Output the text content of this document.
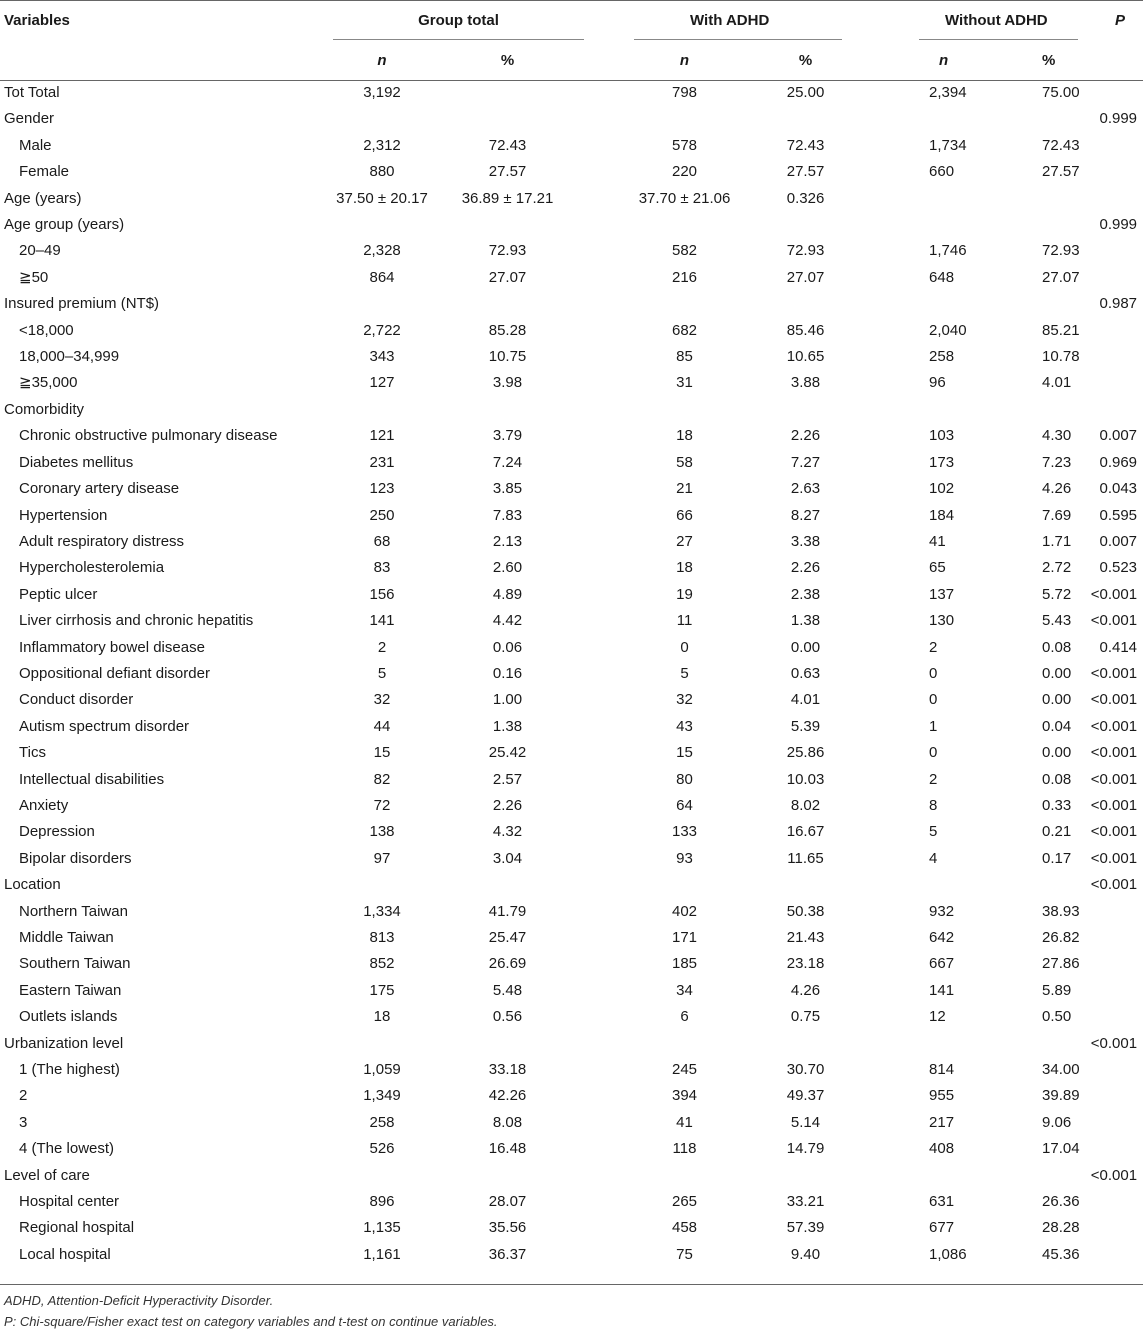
Variables	Group total			With ADHD			Without ADHD		P
	n	%		n	%		n	%	
Tot Total	3,192			798	25.00		2,394	75.00	
Gender									0.999
Male	2,312	72.43		578	72.43		1,734	72.43	
Female	880	27.57		220	27.57		660	27.57	
Age (years)	37.50 ± 20.17	36.89 ± 17.21		37.70 ± 21.06	0.326				
Age group (years)									0.999
20–49	2,328	72.93		582	72.93		1,746	72.93	
≧50	864	27.07		216	27.07		648	27.07	
Insured premium (NT$)									0.987
<18,000	2,722	85.28		682	85.46		2,040	85.21	
18,000–34,999	343	10.75		85	10.65		258	10.78	
≧35,000	127	3.98		31	3.88		96	4.01	
Comorbidity									
Chronic obstructive pulmonary disease	121	3.79		18	2.26		103	4.30	0.007
Diabetes mellitus	231	7.24		58	7.27		173	7.23	0.969
Coronary artery disease	123	3.85		21	2.63		102	4.26	0.043
Hypertension	250	7.83		66	8.27		184	7.69	0.595
Adult respiratory distress	68	2.13		27	3.38		41	1.71	0.007
Hypercholesterolemia	83	2.60		18	2.26		65	2.72	0.523
Peptic ulcer	156	4.89		19	2.38		137	5.72	<0.001
Liver cirrhosis and chronic hepatitis	141	4.42		11	1.38		130	5.43	<0.001
Inflammatory bowel disease	2	0.06		0	0.00		2	0.08	0.414
Oppositional defiant disorder	5	0.16		5	0.63		0	0.00	<0.001
Conduct disorder	32	1.00		32	4.01		0	0.00	<0.001
Autism spectrum disorder	44	1.38		43	5.39		1	0.04	<0.001
Tics	15	25.42		15	25.86		0	0.00	<0.001
Intellectual disabilities	82	2.57		80	10.03		2	0.08	<0.001
Anxiety	72	2.26		64	8.02		8	0.33	<0.001
Depression	138	4.32		133	16.67		5	0.21	<0.001
Bipolar disorders	97	3.04		93	11.65		4	0.17	<0.001
Location									<0.001
Northern Taiwan	1,334	41.79		402	50.38		932	38.93	
Middle Taiwan	813	25.47		171	21.43		642	26.82	
Southern Taiwan	852	26.69		185	23.18		667	27.86	
Eastern Taiwan	175	5.48		34	4.26		141	5.89	
Outlets islands	18	0.56		6	0.75		12	0.50	
Urbanization level									<0.001
1 (The highest)	1,059	33.18		245	30.70		814	34.00	
2	1,349	42.26		394	49.37		955	39.89	
3	258	8.08		41	5.14		217	9.06	
4 (The lowest)	526	16.48		118	14.79		408	17.04	
Level of care									<0.001
Hospital center	896	28.07		265	33.21		631	26.36	
Regional hospital	1,135	35.56		458	57.39		677	28.28	
Local hospital	1,161	36.37		75	9.40		1,086	45.36	
ADHD, Attention-Deficit Hyperactivity Disorder.
P: Chi-square/Fisher exact test on category variables and t-test on continue variables.
